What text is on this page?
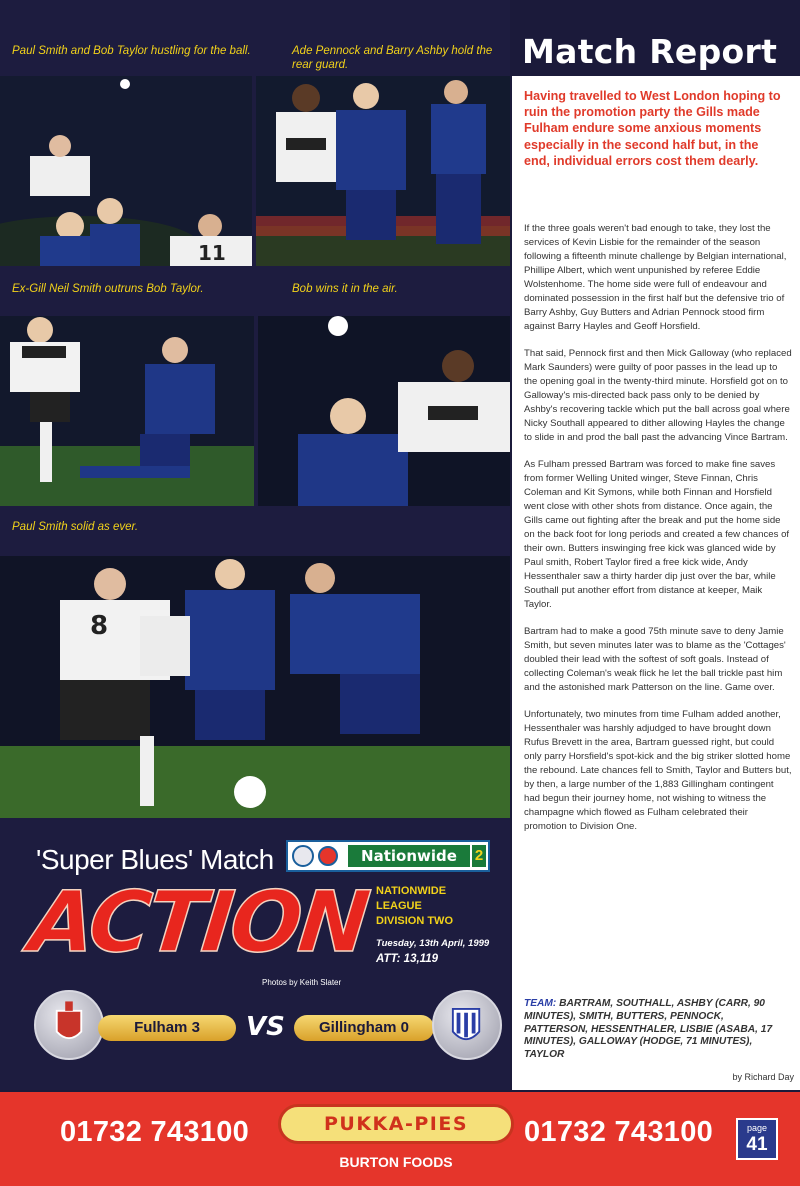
Paul Smith and Bob Taylor hustling for the ball.	Ade Pennock and Barry Ashby hold the rear guard.
11
Ex-Gill Neil Smith outruns Bob Taylor.	Bob wins it in the air.
Paul Smith solid as ever.
8
'Super Blues' Match
ACTION
Nationwide	2
NATIONWIDE
LEAGUE
DIVISION TWO
Tuesday, 13th April, 1999
ATT: 13,119
Photos by Keith Slater
Fulham 3	VS	Gillingham 0
Match Report
Having travelled to West London hoping to ruin the promotion party the Gills made Fulham endure some anxious moments especially in the second half but, in the end, individual errors cost them dearly.

If the three goals weren't bad enough to take, they lost the services of Kevin Lisbie for the remainder of the season following a fifteenth minute challenge by Belgian international, Phillipe Albert, which went unpunished by referee Eddie Wolstenhome. The home side were full of endeavour and dominated possession in the first half but the defensive trio of Barry Ashby, Guy Butters and Adrian Pennock stood firm against Barry Hayles and Geoff Horsfield.

That said, Pennock first and then Mick Galloway (who replaced Mark Saunders) were guilty of poor passes in the lead up to the opening goal in the twenty-third minute. Horsfield got on to Galloway's mis-directed back pass only to be denied by Ashby's recovering tackle which put the ball across goal where Nicky Southall appeared to dither allowing Hayles the change to slide in and prod the ball past the advancing Vince Bartram.

As Fulham pressed Bartram was forced to make fine saves from former Welling United winger, Steve Finnan, Chris Coleman and Kit Symons, while both Finnan and Horsfield went close with other shots from distance. Once again, the Gills came out fighting after the break and put the home side on the back foot for long periods and created a few chances of their own. Butters inswinging free kick was glanced wide by Paul smith, Robert Taylor fired a free kick wide, Andy Hessenthaler saw a thirty harder dip just over the bar, while Southall put another effort from distance at keeper, Maik Taylor.

Bartram had to make a good 75th minute save to deny Jamie Smith, but seven minutes later was to blame as the 'Cottages' doubled their lead with the softest of soft goals. Instead of collecting Coleman's weak flick he let the ball trickle past him and the astonished mark Patterson on the line. Game over.

Unfortunately, two minutes from time Fulham added another, Hessenthaler was harshly adjudged to have brought down Rufus Brevett in the area, Bartram guessed right, but could only parry Horsfield's spot-kick and the big striker slotted home the rebound. Late chances fell to Smith, Taylor and Butters but, by then, a large number of the 1,883 Gillingham contingent had begun their journey home, not wishing to witness the champagne which flowed as Fulham celebrated their promotion to Division One.

TEAM: BARTRAM, SOUTHALL, ASHBY (CARR, 90 MINUTES), SMITH, BUTTERS, PENNOCK, PATTERSON, HESSENTHALER, LISBIE (ASABA, 17 MINUTES), GALLOWAY (HODGE, 71 MINUTES), TAYLOR
by Richard Day
01732 743100	PUKKA-PIES
BURTON FOODS
01732 743100	page
41
